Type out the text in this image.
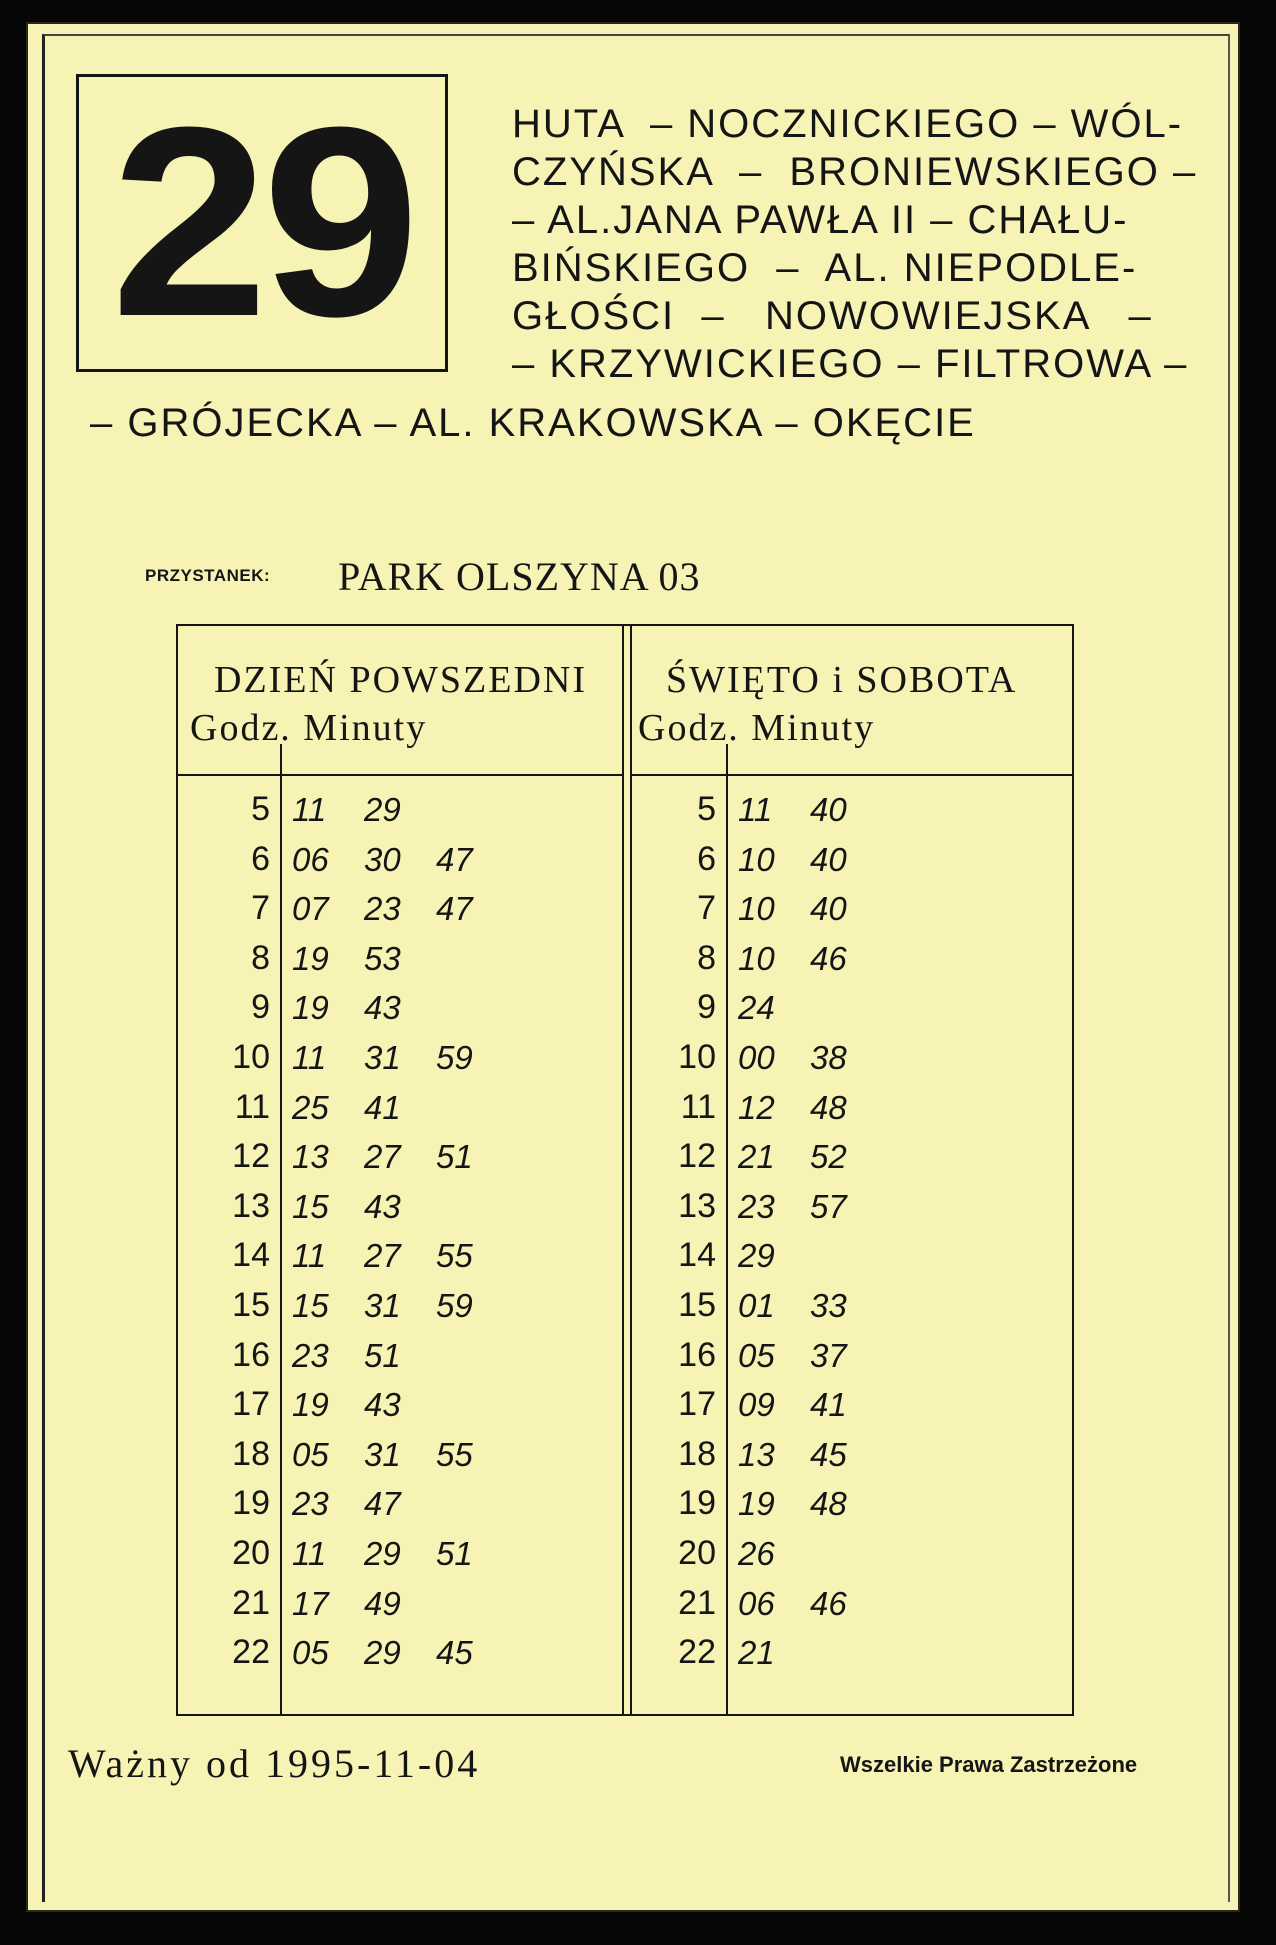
29 HUTA  – NOCZNICKIEGO – WÓL-
CZYŃSKA  –  BRONIEWSKIEGO –
– AL.JANA PAWŁA II – CHAŁU-
BIŃSKIEGO  –  AL. NIEPODLE-
GŁOŚCI  –   NOWOWIEJSKA   –
– KRZYWICKIEGO – FILTROWA –
– GRÓJECKA – AL. KRAKOWSKA – OKĘCIE
PRZYSTANEK: PARK OLSZYNA 03
DZIEŃ POWSZEDNI
Godz. Minuty
ŚWIĘTO i SOBOTA
Godz. Minuty
5 11 29
6 06 30 47
7 07 23 47
8 19 53
9 19 43
10 11 31 59
11 25 41
12 13 27 51
13 15 43
14 11 27 55
15 15 31 59
16 23 51
17 19 43
18 05 31 55
19 23 47
20 11 29 51
21 17 49
22 05 29 45
5 11 40
6 10 40
7 10 40
8 10 46
9 24
10 00 38
11 12 48
12 21 52
13 23 57
14 29
15 01 33
16 05 37
17 09 41
18 13 45
19 19 48
20 26
21 06 46
22 21
Ważny od 1995-11-04	Wszelkie Prawa Zastrzeżone
